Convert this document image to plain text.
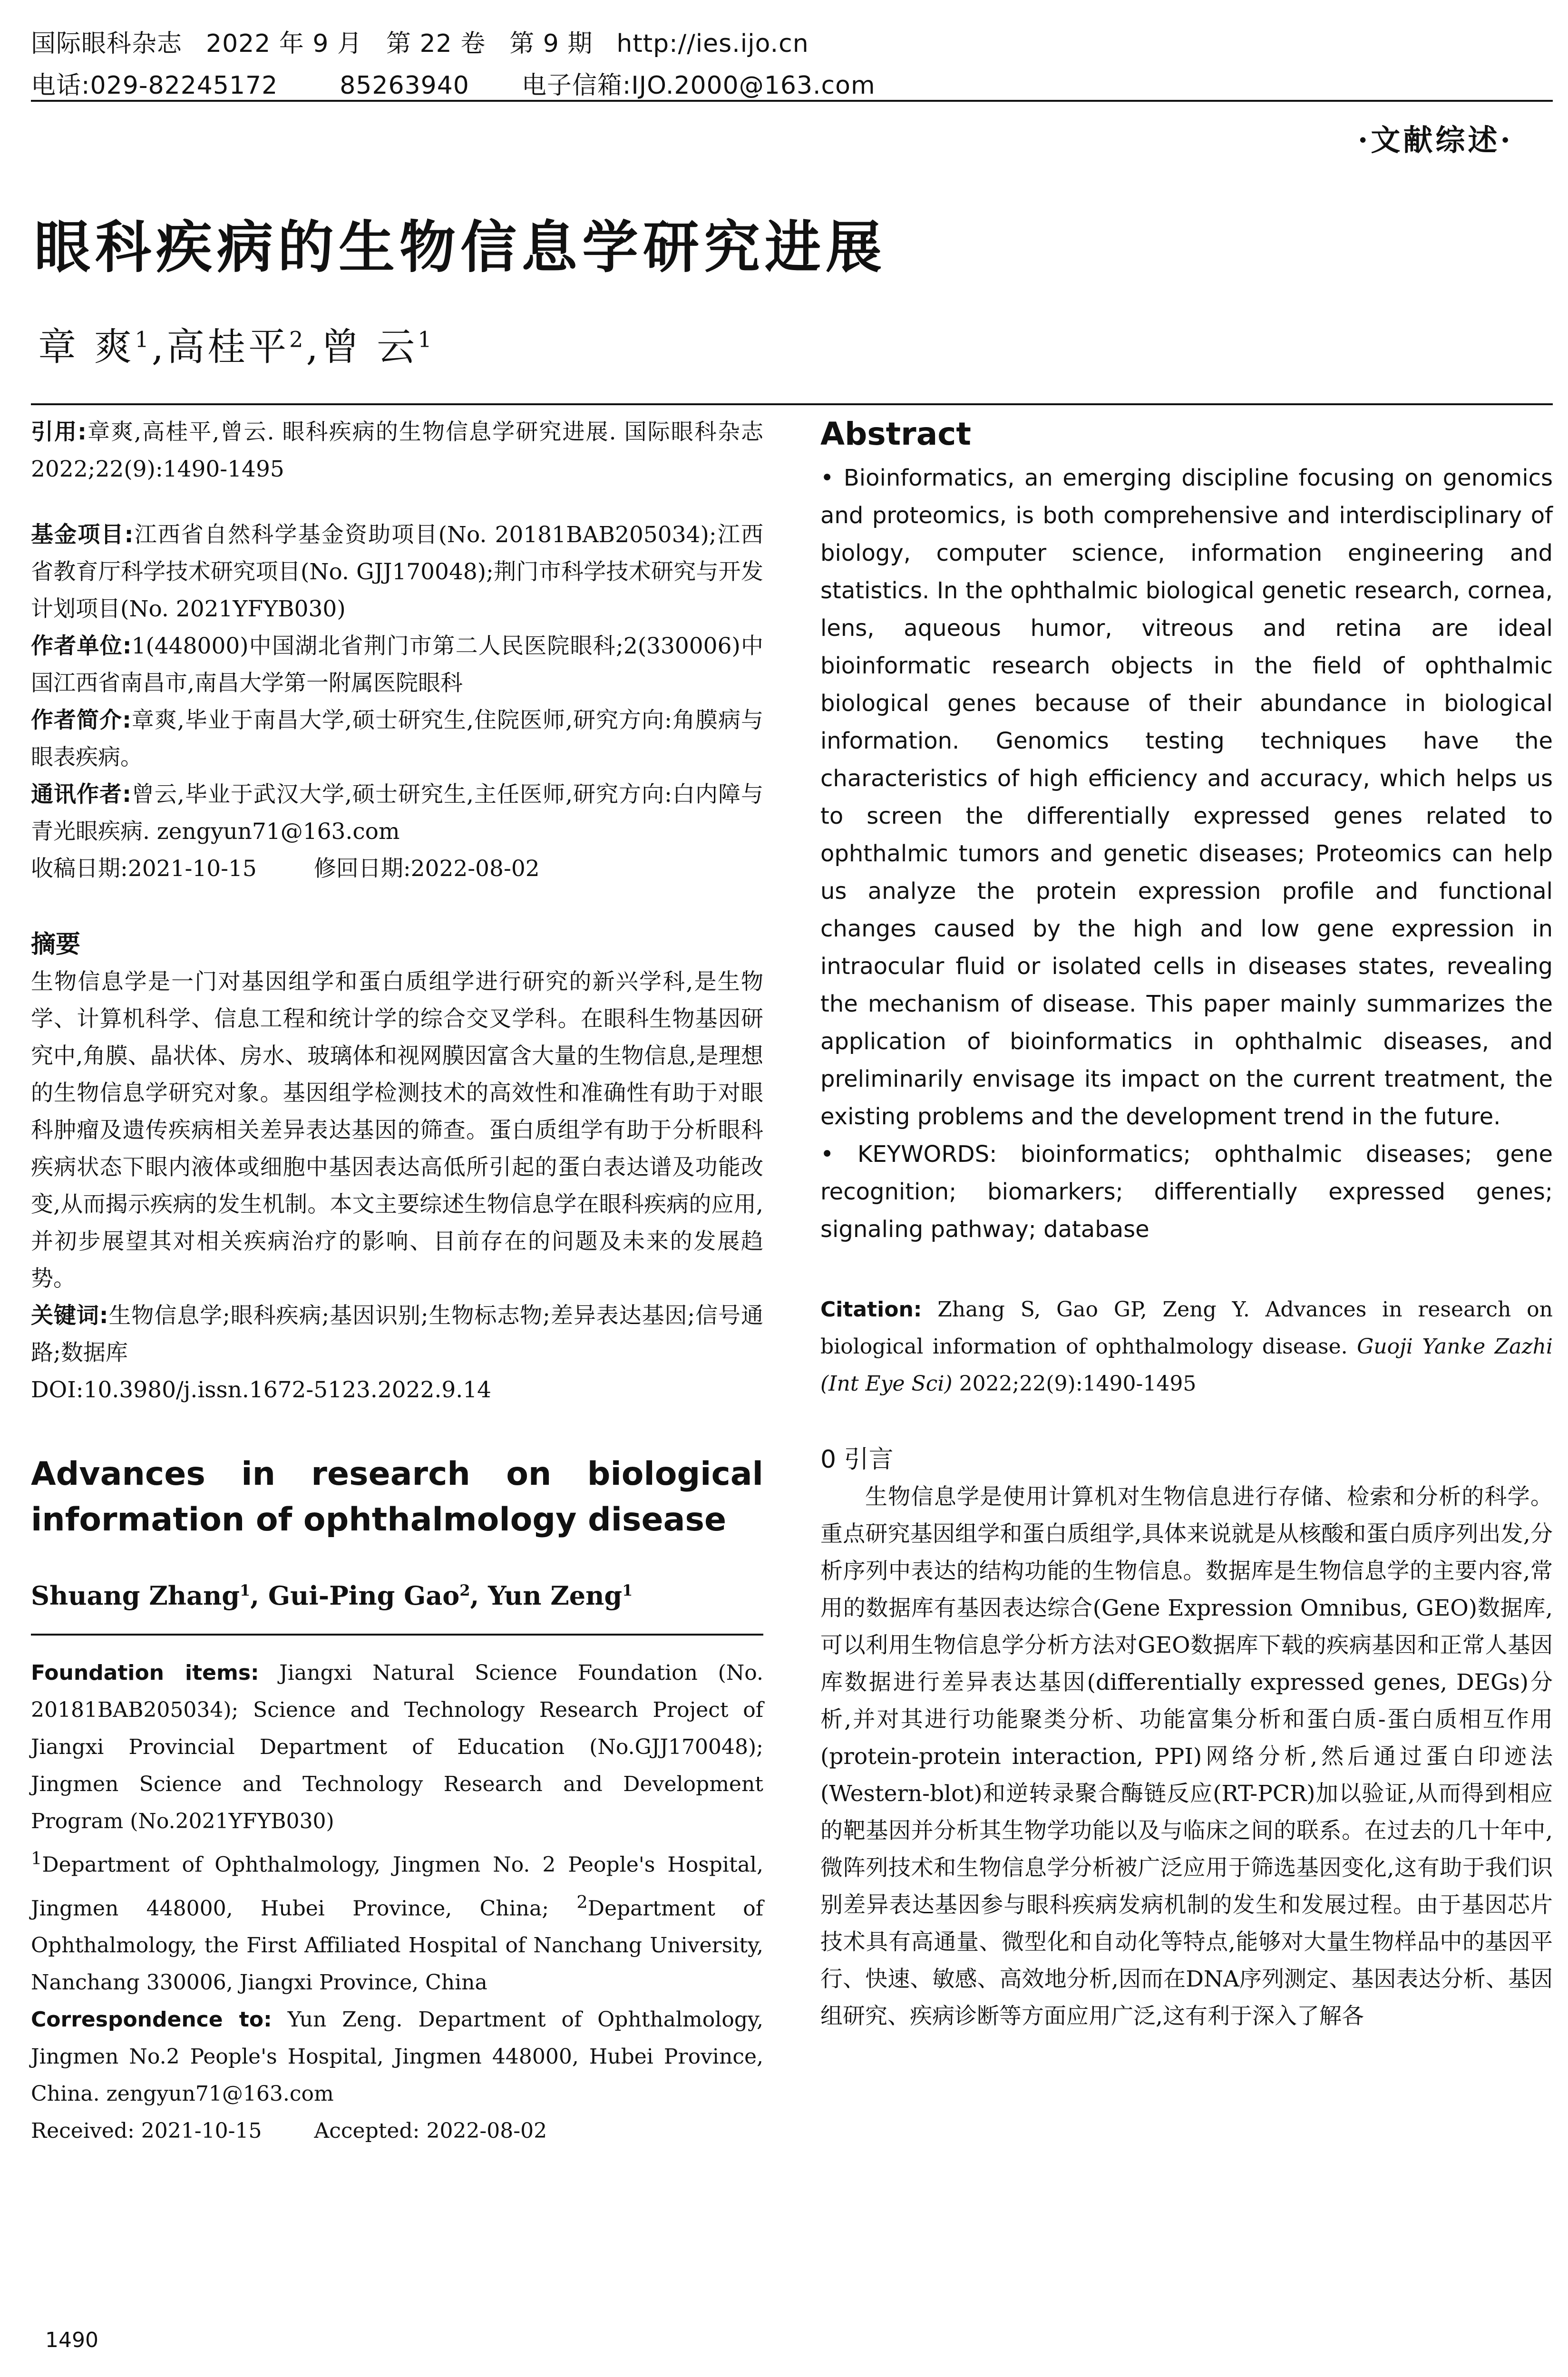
国际眼科杂志 2022 年 9 月 第 22 卷 第 9 期 http://ies.ijo.cn
电话:029-82245172	85263940 电子信箱:IJO.2000@163.com
·文献综述·
眼科疾病的生物信息学研究进展
章 爽$^1$,高桂平$^2$,曾 云$^1$

引用:章爽,高桂平,曾云. 眼科疾病的生物信息学研究进展. 国际眼科杂志 2022;22(9):1490-1495

基金项目:江西省自然科学基金资助项目(No. 20181BAB205034);江西省教育厅科学技术研究项目(No. GJJ170048);荆门市科学技术研究与开发计划项目(No. 2021YFYB030)

作者单位:1(448000)中国湖北省荆门市第二人民医院眼科;2(330006)中国江西省南昌市,南昌大学第一附属医院眼科

作者简介:章爽,毕业于南昌大学,硕士研究生,住院医师,研究方向:角膜病与眼表疾病。

通讯作者:曾云,毕业于武汉大学,硕士研究生,主任医师,研究方向:白内障与青光眼疾病. zengyun71@163.com

收稿日期:2021-10-15	修回日期:2022-08-02

摘要

生物信息学是一门对基因组学和蛋白质组学进行研究的新兴学科,是生物学、计算机科学、信息工程和统计学的综合交叉学科。在眼科生物基因研究中,角膜、晶状体、房水、玻璃体和视网膜因富含大量的生物信息,是理想的生物信息学研究对象。基因组学检测技术的高效性和准确性有助于对眼科肿瘤及遗传疾病相关差异表达基因的筛查。蛋白质组学有助于分析眼科疾病状态下眼内液体或细胞中基因表达高低所引起的蛋白表达谱及功能改变,从而揭示疾病的发生机制。本文主要综述生物信息学在眼科疾病的应用,并初步展望其对相关疾病治疗的影响、目前存在的问题及未来的发展趋势。

关键词:生物信息学;眼科疾病;基因识别;生物标志物;差异表达基因;信号通路;数据库

DOI:10.3980/j.issn.1672-5123.2022.9.14

Advances in research on biological information of ophthalmology disease
Shuang Zhang$^1$, Gui-Ping Gao$^2$, Yun Zeng$^1$

Foundation items: Jiangxi Natural Science Foundation (No. 20181BAB205034); Science and Technology Research Project of Jiangxi Provincial Department of Education (No.GJJ170048); Jingmen Science and Technology Research and Development Program (No.2021YFYB030)

$^1$Department of Ophthalmology, Jingmen No. 2 People's Hospital, Jingmen 448000, Hubei Province, China; $^2$Department of Ophthalmology, the First Affiliated Hospital of Nanchang University, Nanchang 330006, Jiangxi Province, China

Correspondence to: Yun Zeng. Department of Ophthalmology, Jingmen No.2 People's Hospital, Jingmen 448000, Hubei Province, China. zengyun71@163.com

Received: 2021-10-15	Accepted: 2022-08-02

Abstract

• Bioinformatics, an emerging discipline focusing on genomics and proteomics, is both comprehensive and interdisciplinary of biology, computer science, information engineering and statistics. In the ophthalmic biological genetic research, cornea, lens, aqueous humor, vitreous and retina are ideal bioinformatic research objects in the field of ophthalmic biological genes because of their abundance in biological information. Genomics testing techniques have the characteristics of high efficiency and accuracy, which helps us to screen the differentially expressed genes related to ophthalmic tumors and genetic diseases; Proteomics can help us analyze the protein expression profile and functional changes caused by the high and low gene expression in intraocular fluid or isolated cells in diseases states, revealing the mechanism of disease. This paper mainly summarizes the application of bioinformatics in ophthalmic diseases, and preliminarily envisage its impact on the current treatment, the existing problems and the development trend in the future.

• KEYWORDS: bioinformatics; ophthalmic diseases; gene recognition; biomarkers; differentially expressed genes; signaling pathway; database

Citation: Zhang S, Gao GP, Zeng Y. Advances in research on biological information of ophthalmology disease. Guoji Yanke Zazhi (Int Eye Sci) 2022;22(9):1490-1495

0 引言

生物信息学是使用计算机对生物信息进行存储、检索和分析的科学。重点研究基因组学和蛋白质组学,具体来说就是从核酸和蛋白质序列出发,分析序列中表达的结构功能的生物信息。数据库是生物信息学的主要内容,常用的数据库有基因表达综合(Gene Expression Omnibus, GEO)数据库,可以利用生物信息学分析方法对GEO数据库下载的疾病基因和正常人基因库数据进行差异表达基因(differentially expressed genes, DEGs)分析,并对其进行功能聚类分析、功能富集分析和蛋白质-蛋白质相互作用(protein-protein interaction, PPI)网络分析,然后通过蛋白印迹法(Western-blot)和逆转录聚合酶链反应(RT-PCR)加以验证,从而得到相应的靶基因并分析其生物学功能以及与临床之间的联系。在过去的几十年中,微阵列技术和生物信息学分析被广泛应用于筛选基因变化,这有助于我们识别差异表达基因参与眼科疾病发病机制的发生和发展过程。由于基因芯片技术具有高通量、微型化和自动化等特点,能够对大量生物样品中的基因平行、快速、敏感、高效地分析,因而在DNA序列测定、基因表达分析、基因组研究、疾病诊断等方面应用广泛,这有利于深入了解各

1490
